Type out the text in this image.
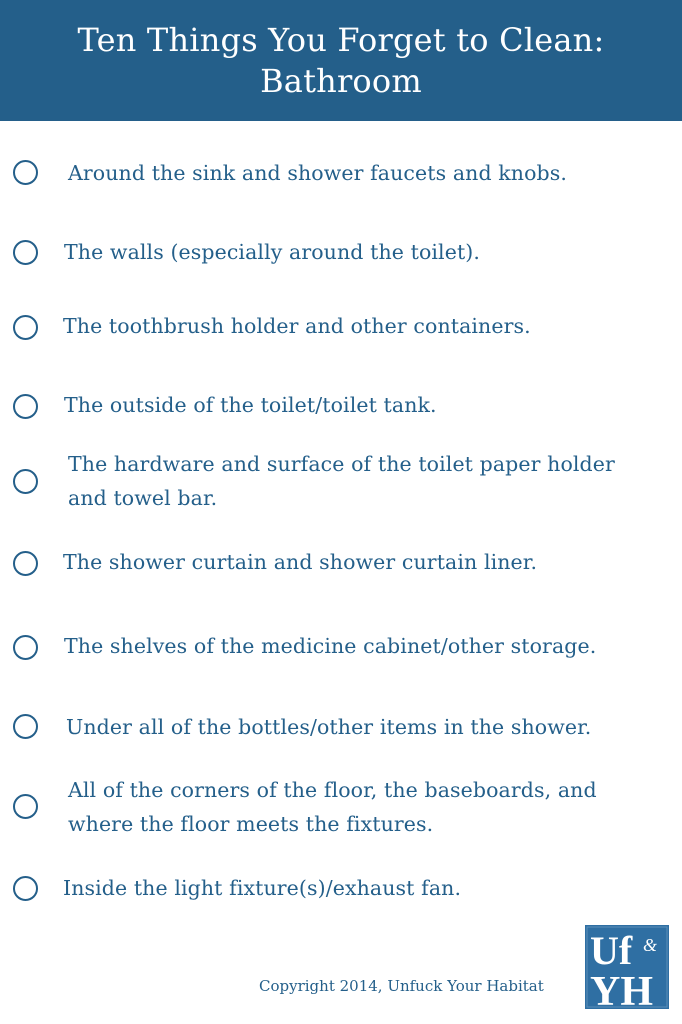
Ten Things You Forget to Clean:
Bathroom
Around the sink and shower faucets and knobs.
The walls (especially around the toilet).
The toothbrush holder and other containers.
The outside of the toilet/toilet tank.
The hardware and surface of the toilet paper holder
and towel bar.
The shower curtain and shower curtain liner.
The shelves of the medicine cabinet/other storage.
Under all of the bottles/other items in the shower.
All of the corners of the floor, the baseboards, and
where the floor meets the fixtures.
Inside the light fixture(s)/exhaust fan.
Copyright 2014, Unfuck Your Habitat
Uf &
YH
